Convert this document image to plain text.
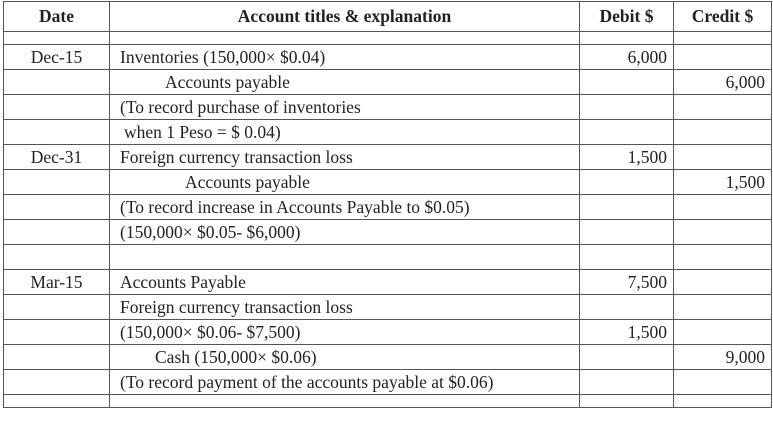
Date	Account titles & explanation	Debit $	Credit $

Dec-15	Inventories (150,000× $0.04)	6,000	
	Accounts payable		6,000
	(To record purchase of inventories		
	when 1 Peso = $ 0.04)		
Dec-31	Foreign currency transaction loss	1,500	
	Accounts payable		1,500
	(To record increase in Accounts Payable to $0.05)		
	(150,000× $0.05- $6,000)		

Mar-15	Accounts Payable	7,500	
	Foreign currency transaction loss		
	(150,000× $0.06- $7,500)	1,500	
	Cash (150,000× $0.06)		9,000
	(To record payment of the accounts payable at $0.06)		
